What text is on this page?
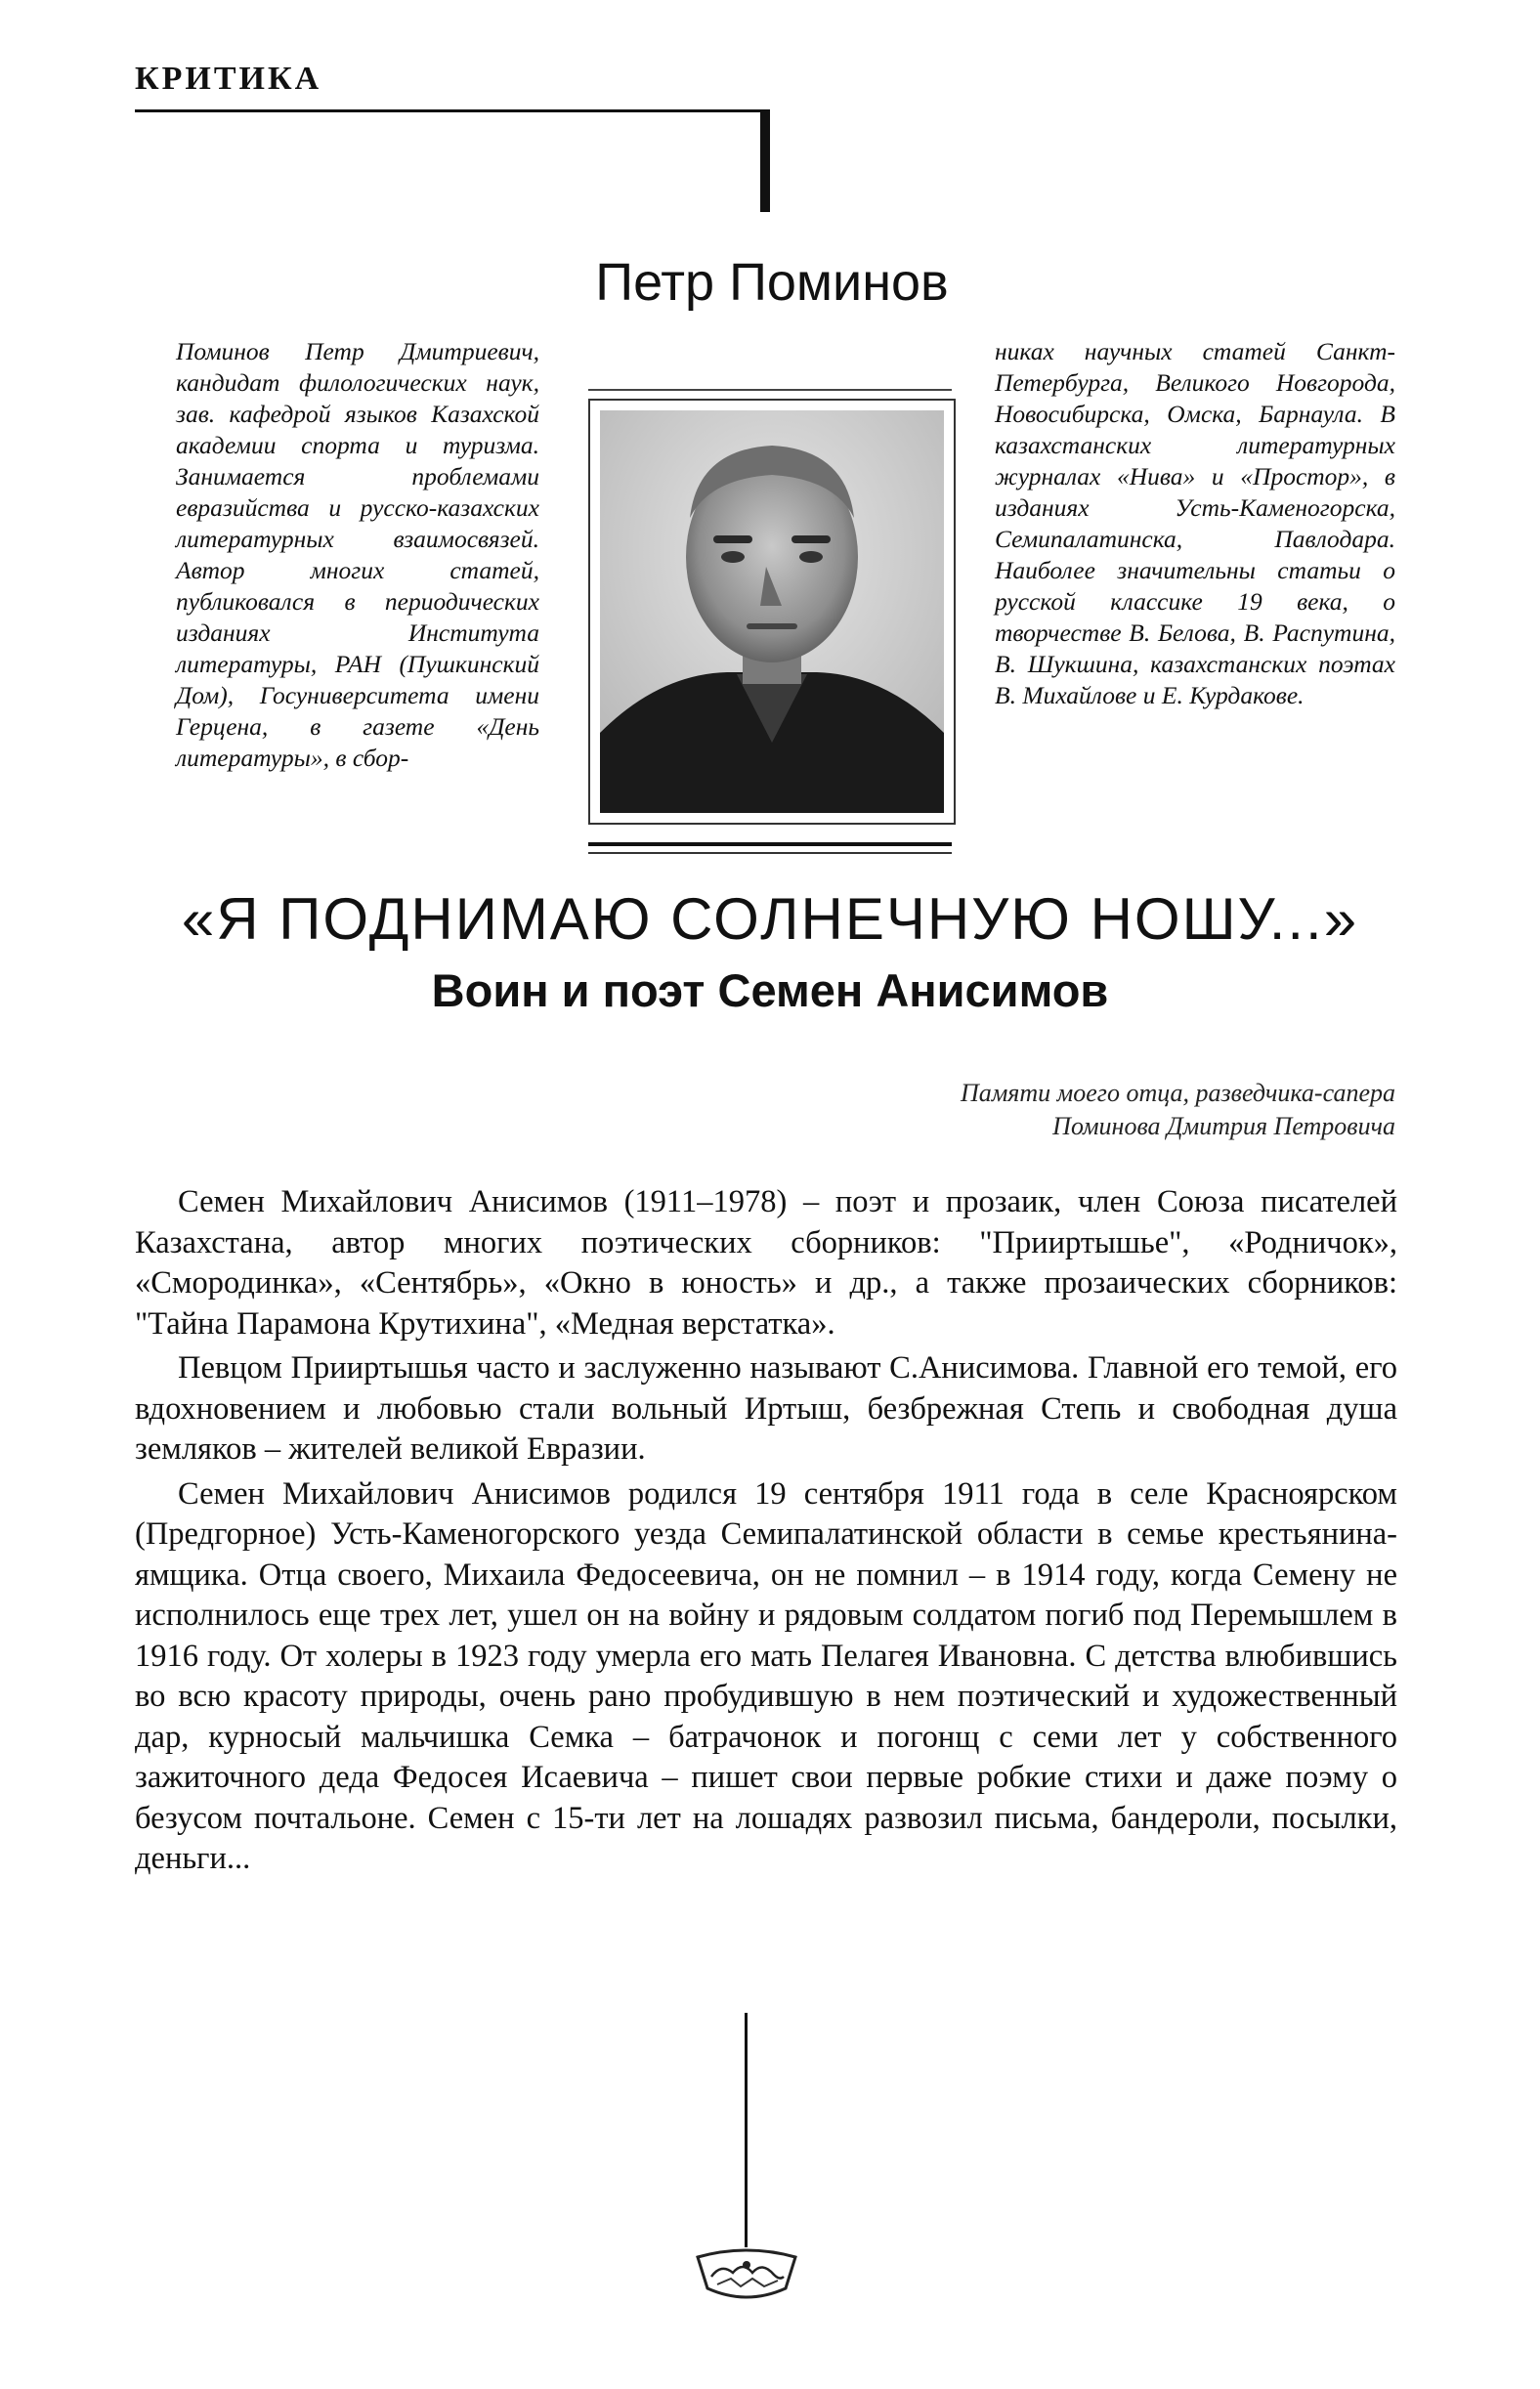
КРИТИКА
Петр Поминов
Поминов Петр Дмитриевич, кандидат филологических наук, зав. кафедрой языков Казахской академии спорта и туризма. Занимается проблемами евразийства и русско-казахских литературных взаимосвязей. Автор многих статей, публиковался в периодических изданиях Института литературы, РАН (Пушкинский Дом), Госуниверситета имени Герцена, в газете «День литературы», в сбор-
никах научных статей Санкт-Петербурга, Великого Новгорода, Новосибирска, Омска, Барнаула. В казахстанских литературных журналах «Нива» и «Простор», в изданиях Усть-Каменогорска, Семипалатинска, Павлодара. Наиболее значительны статьи о русской классике 19 века, о творчестве В. Белова, В. Распутина, В. Шукшина, казахстанских поэтах В. Михайлове и Е. Курдакове.
«Я ПОДНИМАЮ СОЛНЕЧНУЮ НОШУ...»
Воин и поэт Семен Анисимов
Памяти моего отца, разведчика-сапера
Поминова Дмитрия Петровича

Семен Михайлович Анисимов (1911–1978) – поэт и прозаик, член Союза писателей Казахстана, автор многих поэтических сборников: "Прииртышье", «Родничок», «Смородинка», «Сентябрь», «Окно в юность» и др., а также прозаических сборников: "Тайна Парамона Крутихина", «Медная верстатка».

Певцом Прииртышья часто и заслуженно называют С.Анисимова. Главной его темой, его вдохновением и любовью стали вольный Иртыш, безбрежная Степь и свободная душа земляков – жителей великой Евразии.

Семен Михайлович Анисимов родился 19 сентября 1911 года в селе Красноярском (Предгорное) Усть-Каменогорского уезда Семипалатинской области в семье крестьянина-ямщика. Отца своего, Михаила Федосеевича, он не помнил – в 1914 году, когда Семену не исполнилось еще трех лет, ушел он на войну и рядовым солдатом погиб под Перемышлем в 1916 году. От холеры в 1923 году умерла его мать Пелагея Ивановна. С детства влюбившись во всю красоту природы, очень рано пробудившую в нем поэтический и художественный дар, курносый мальчишка Семка – батрачонок и погонщ с семи лет у собственного зажиточного деда Федосея Исаевича – пишет свои первые робкие стихи и даже поэму о безусом почтальоне. Семен с 15-ти лет на лошадях развозил письма, бандероли, посылки, деньги...
